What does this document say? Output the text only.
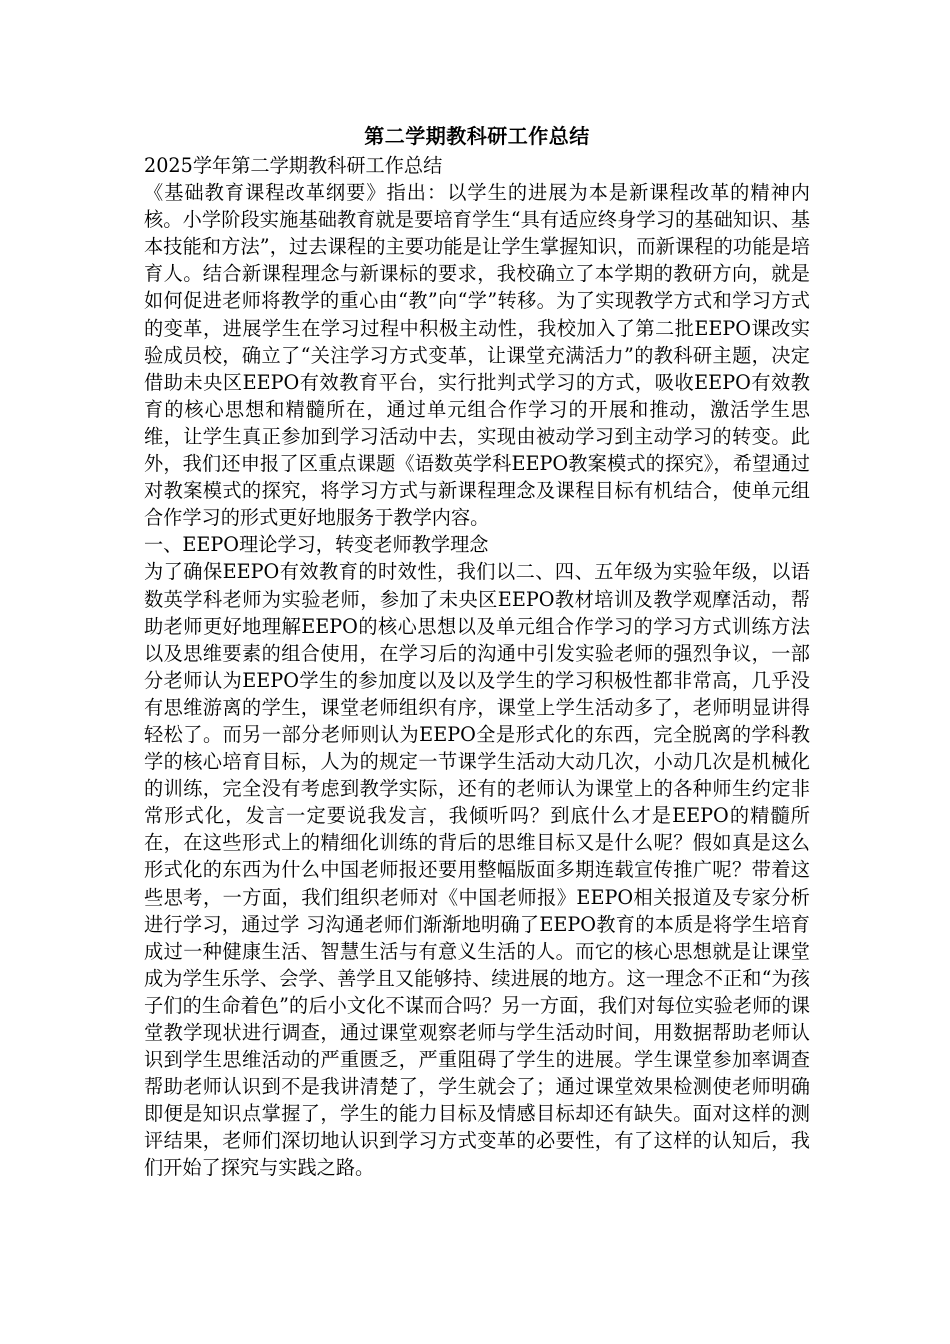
第二学期教科研工作总结

2025学年第二学期教科研工作总结

《基础教育课程改革纲要》指出：以学生的进展为本是新课程改革的精神内核。小学阶段实施基础教育就是要培育学生“具有适应终身学习的基础知识、基本技能和方法”，过去课程的主要功能是让学生掌握知识，而新课程的功能是培育人。结合新课程理念与新课标的要求，我校确立了本学期的教研方向，就是如何促进老师将教学的重心由“教”向“学”转移。为了实现教学方式和学习方式的变革，进展学生在学习过程中积极主动性，我校加入了第二批EEPO课改实验成员校，确立了“关注学习方式变革，让课堂充满活力”的教科研主题，决定借助未央区EEPO有效教育平台，实行批判式学习的方式，吸收EEPO有效教育的核心思想和精髓所在，通过单元组合作学习的开展和推动，激活学生思维，让学生真正参加到学习活动中去，实现由被动学习到主动学习的转变。此外，我们还申报了区重点课题《语数英学科EEPO教案模式的探究》，希望通过对教案模式的探究，将学习方式与新课程理念及课程目标有机结合，使单元组合作学习的形式更好地服务于教学内容。

一、EEPO理论学习，转变老师教学理念

为了确保EEPO有效教育的时效性，我们以二、四、五年级为实验年级，以语数英学科老师为实验老师，参加了未央区EEPO教材培训及教学观摩活动，帮助老师更好地理解EEPO的核心思想以及单元组合作学习的学习方式训练方法以及思维要素的组合使用，在学习后的沟通中引发实验老师的强烈争议，一部分老师认为EEPO学生的参加度以及以及学生的学习积极性都非常高，几乎没有思维游离的学生，课堂老师组织有序，课堂上学生活动多了，老师明显讲得轻松了。而另一部分老师则认为EEPO全是形式化的东西，完全脱离的学科教学的核心培育目标，人为的规定一节课学生活动大动几次，小动几次是机械化的训练，完全没有考虑到教学实际，还有的老师认为课堂上的各种师生约定非常形式化，发言一定要说我发言，我倾听吗？到底什么才是EEPO的精髓所在，在这些形式上的精细化训练的背后的思维目标又是什么呢？假如真是这么形式化的东西为什么中国老师报还要用整幅版面多期连载宣传推广呢？带着这些思考，一方面，我们组织老师对《中国老师报》EEPO相关报道及专家分析进行学习，通过学 习沟通老师们渐渐地明确了EEPO教育的本质是将学生培育成过一种健康生活、智慧生活与有意义生活的人。而它的核心思想就是让课堂成为学生乐学、会学、善学且又能够持、续进展的地方。这一理念不正和“为孩子们的生命着色”的后小文化不谋而合吗？另一方面，我们对每位实验老师的课堂教学现状进行调查，通过课堂观察老师与学生活动时间，用数据帮助老师认识到学生思维活动的严重匮乏，严重阻碍了学生的进展。学生课堂参加率调查帮助老师认识到不是我讲清楚了，学生就会了；通过课堂效果检测使老师明确即便是知识点掌握了，学生的能力目标及情感目标却还有缺失。面对这样的测评结果，老师们深切地认识到学习方式变革的必要性，有了这样的认知后，我们开始了探究与实践之路。
